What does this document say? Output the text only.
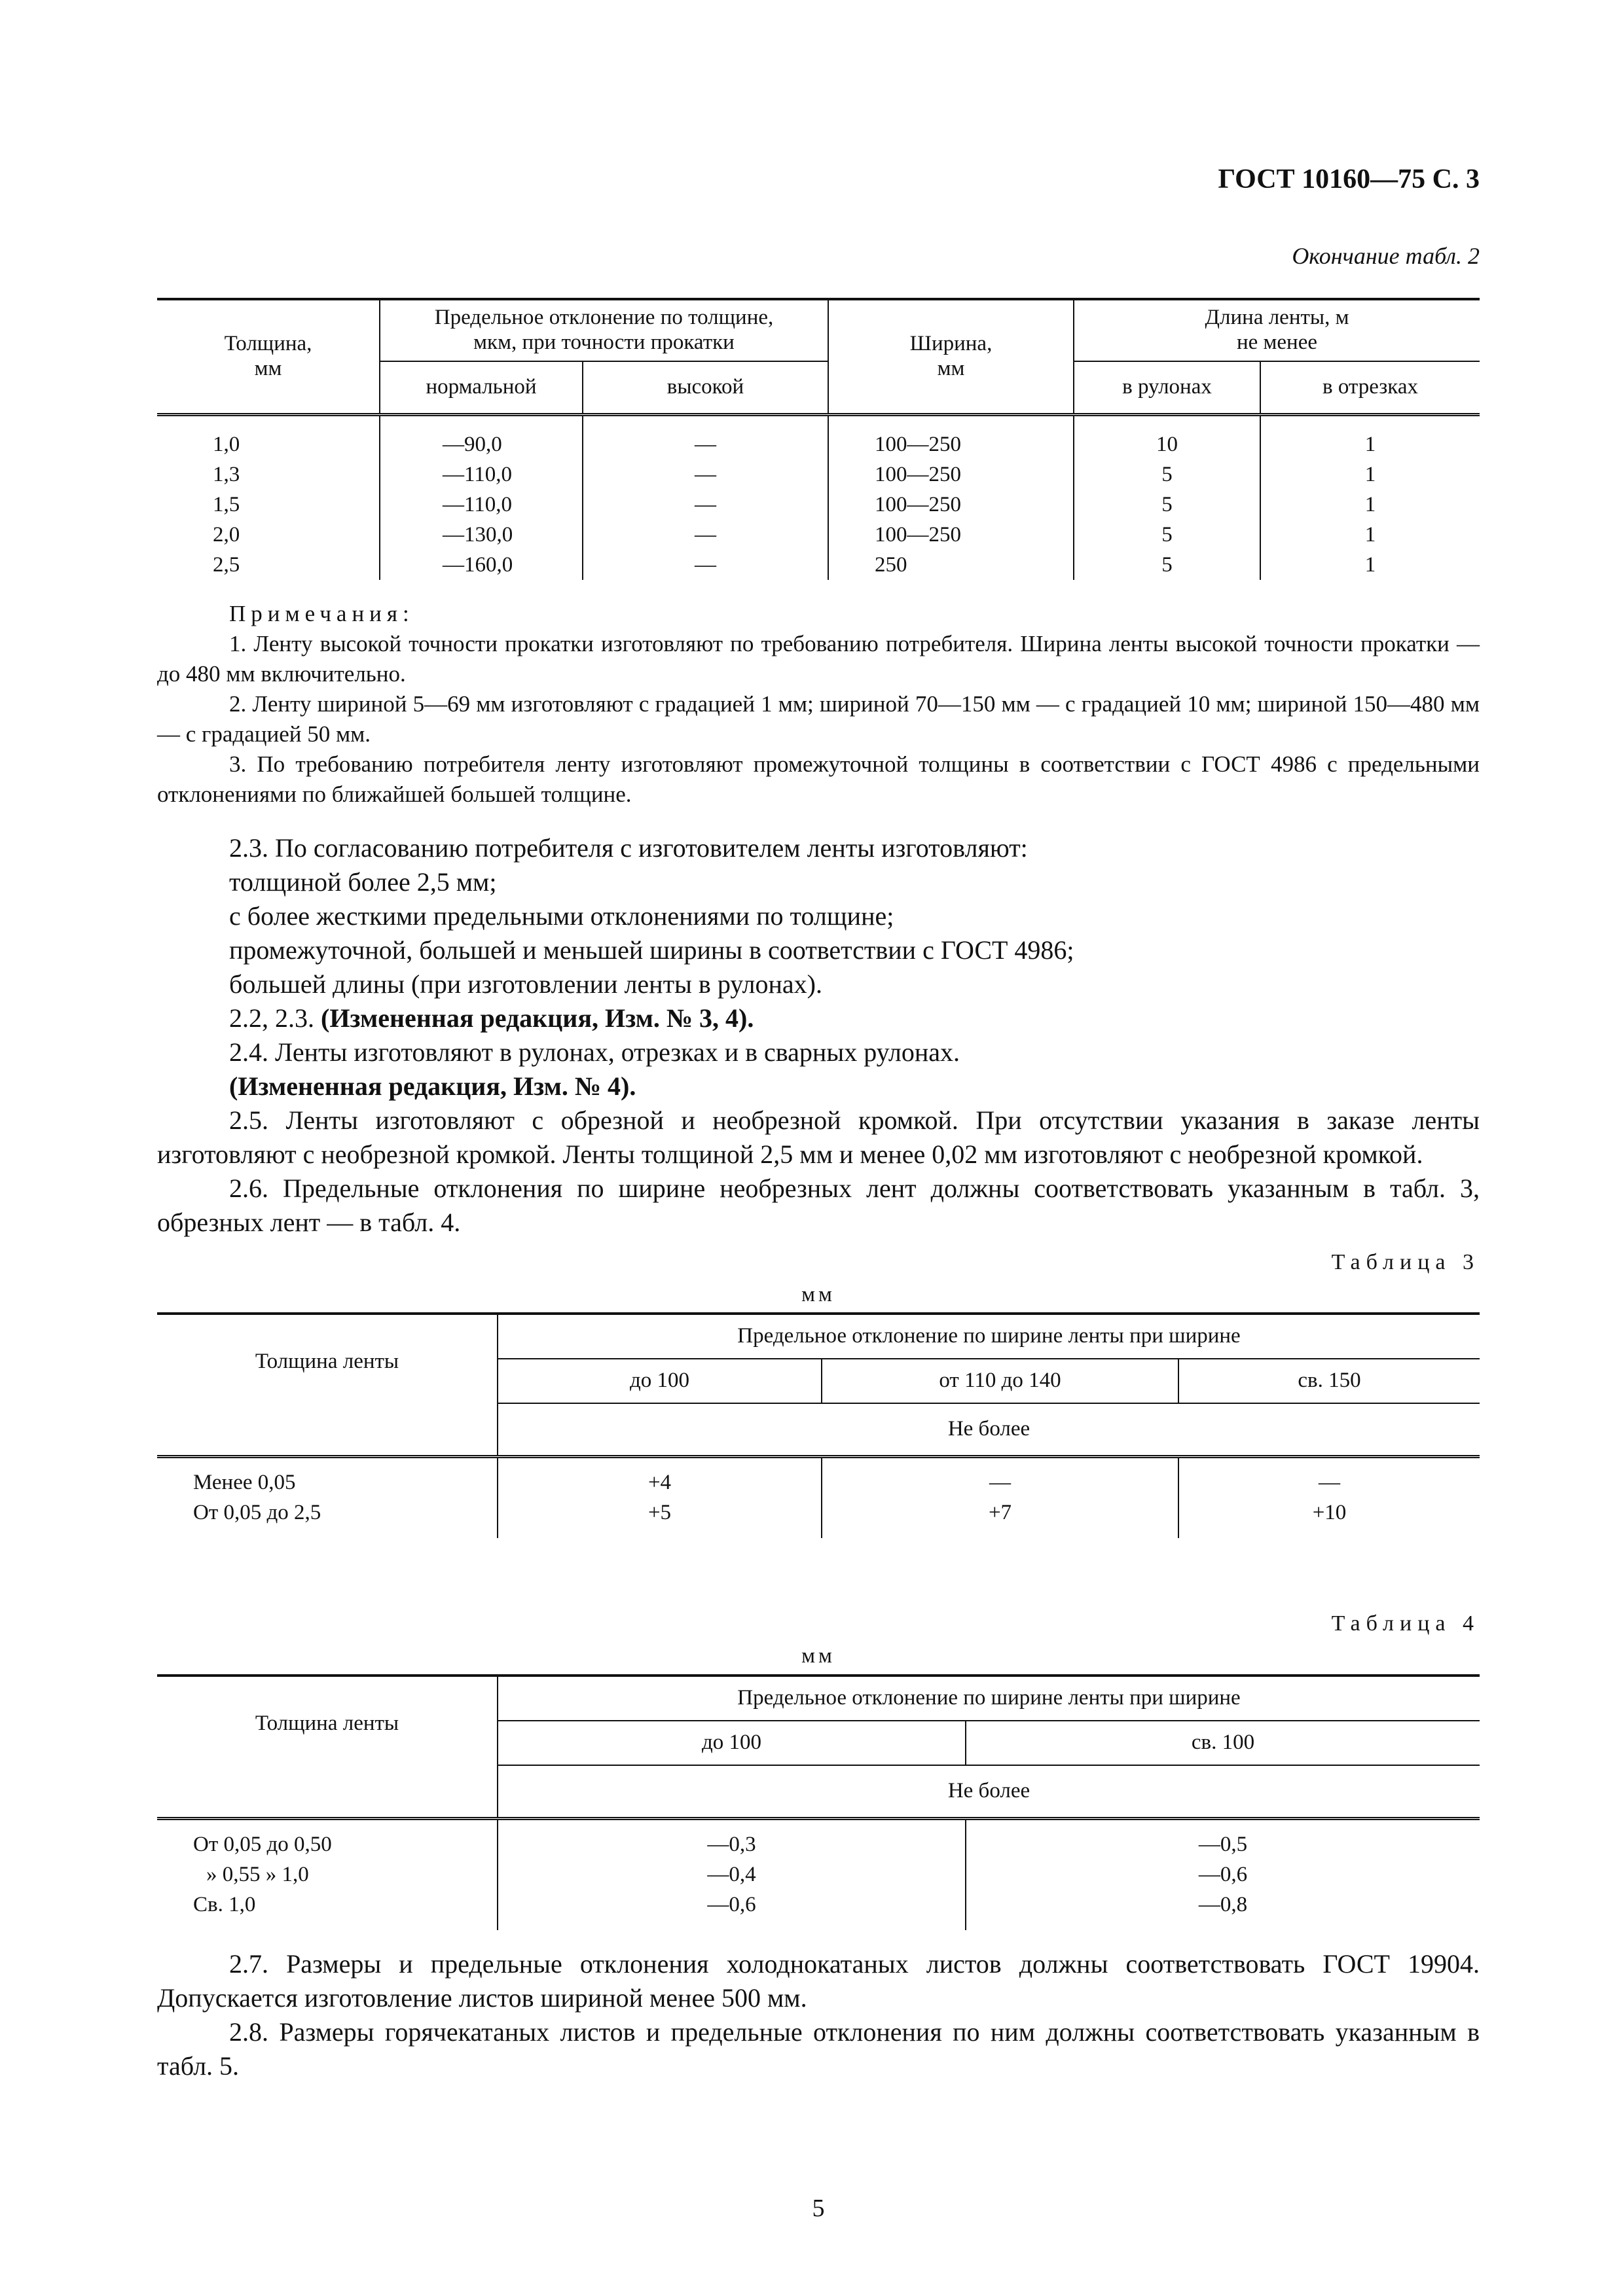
ГОСТ 10160—75 С. 3
Окончание табл. 2
Толщина,
мм	Предельное отклонение по толщине,
мкм, при точности прокатки		Ширина,
мм	Длина ленты, м
не менее	
	нормальной	высокой		в рулонах	в отрезках

1,0	—90,0	—	100—250	10	1
1,3	—110,0	—	100—250	5	1
1,5	—110,0	—	100—250	5	1
2,0	—130,0	—	100—250	5	1
2,5	—160,0	—	250	5	1

Примечания:

1. Ленту высокой точности прокатки изготовляют по требованию потребителя. Ширина ленты высокой точности прокатки — до 480 мм включительно.

2. Ленту шириной 5—69 мм изготовляют с градацией 1 мм; шириной 70—150 мм — с градацией 10 мм; шириной 150—480 мм — с градацией 50 мм.

3. По требованию потребителя ленту изготовляют промежуточной толщины в соответствии с ГОСТ 4986 с предельными отклонениями по ближайшей большей толщине.

2.3. По согласованию потребителя с изготовителем ленты изготовляют:

толщиной более 2,5 мм;

с более жесткими предельными отклонениями по толщине;

промежуточной, большей и меньшей ширины в соответствии с ГОСТ 4986;

большей длины (при изготовлении ленты в рулонах).

2.2, 2.3. (Измененная редакция, Изм. № 3, 4).

2.4. Ленты изготовляют в рулонах, отрезках и в сварных рулонах.

(Измененная редакция, Изм. № 4).

2.5. Ленты изготовляют с обрезной и необрезной кромкой. При отсутствии указания в заказе ленты изготовляют с необрезной кромкой. Ленты толщиной 2,5 мм и менее 0,02 мм изготовляют с необрезной кромкой.

2.6. Предельные отклонения по ширине необрезных лент должны соответствовать указанным в табл. 3, обрезных лент — в табл. 4.

Таблица 3
мм
Толщина ленты	Предельное отклонение по ширине ленты при ширине		
	до 100	от 110 до 140	св. 150
	Не более		

Менее 0,05	+4	—	—
От 0,05 до 2,5	+5	+7	+10
Таблица 4
мм
Толщина ленты	Предельное отклонение по ширине ленты при ширине	
	до 100	св. 100
	Не более	

От 0,05 до 0,50	—0,3	—0,5
» 0,55 » 1,0	—0,4	—0,6
Св. 1,0	—0,6	—0,8

2.7. Размеры и предельные отклонения холоднокатаных листов должны соответствовать ГОСТ 19904. Допускается изготовление листов шириной менее 500 мм.

2.8. Размеры горячекатаных листов и предельные отклонения по ним должны соответствовать указанным в табл. 5.

5
